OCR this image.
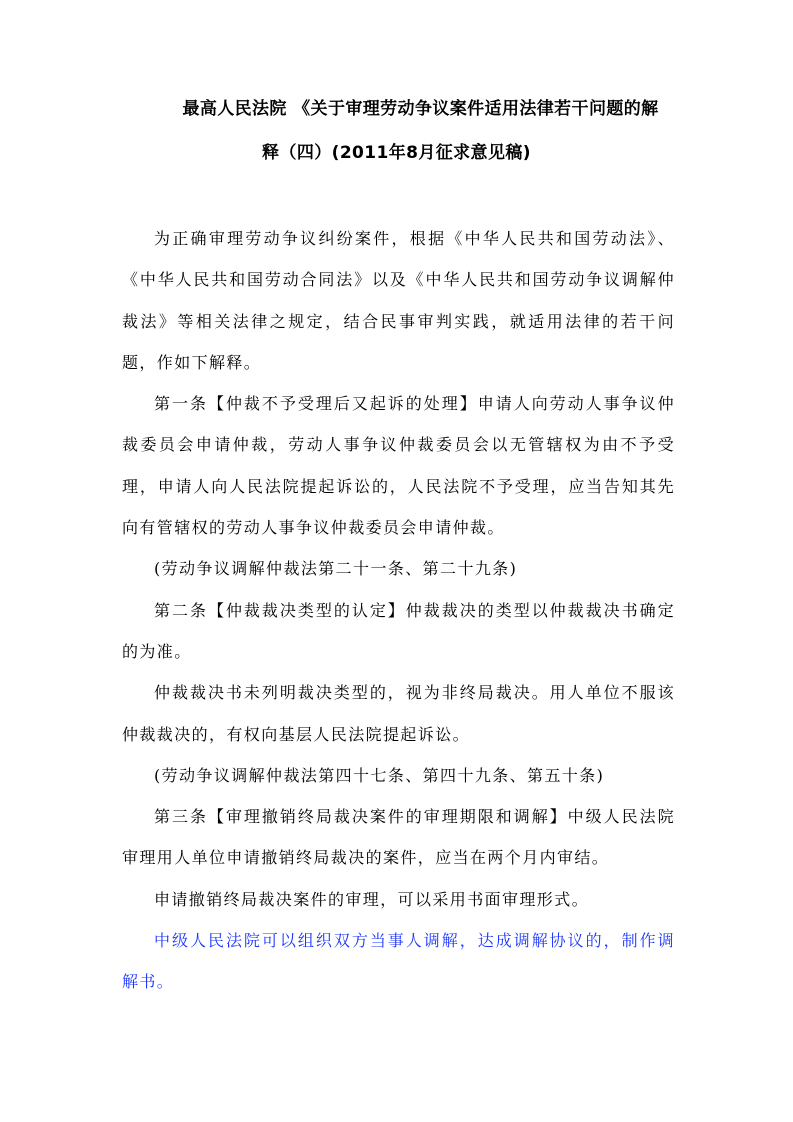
最高人民法院 《关于审理劳动争议案件适用法律若干问题的解
释（四）(2011年8月征求意见稿)

为正确审理劳动争议纠纷案件，根据《中华人民共和国劳动法》、《中华人民共和国劳动合同法》以及《中华人民共和国劳动争议调解仲裁法》等相关法律之规定，结合民事审判实践，就适用法律的若干问题，作如下解释。

第一条【仲裁不予受理后又起诉的处理】申请人向劳动人事争议仲裁委员会申请仲裁，劳动人事争议仲裁委员会以无管辖权为由不予受理，申请人向人民法院提起诉讼的，人民法院不予受理，应当告知其先向有管辖权的劳动人事争议仲裁委员会申请仲裁。

(劳动争议调解仲裁法第二十一条、第二十九条)

第二条【仲裁裁决类型的认定】仲裁裁决的类型以仲裁裁决书确定的为准。

仲裁裁决书未列明裁决类型的，视为非终局裁决。用人单位不服该仲裁裁决的，有权向基层人民法院提起诉讼。

(劳动争议调解仲裁法第四十七条、第四十九条、第五十条)

第三条【审理撤销终局裁决案件的审理期限和调解】中级人民法院审理用人单位申请撤销终局裁决的案件，应当在两个月内审结。

申请撤销终局裁决案件的审理，可以采用书面审理形式。

中级人民法院可以组织双方当事人调解，达成调解协议的，制作调解书。
